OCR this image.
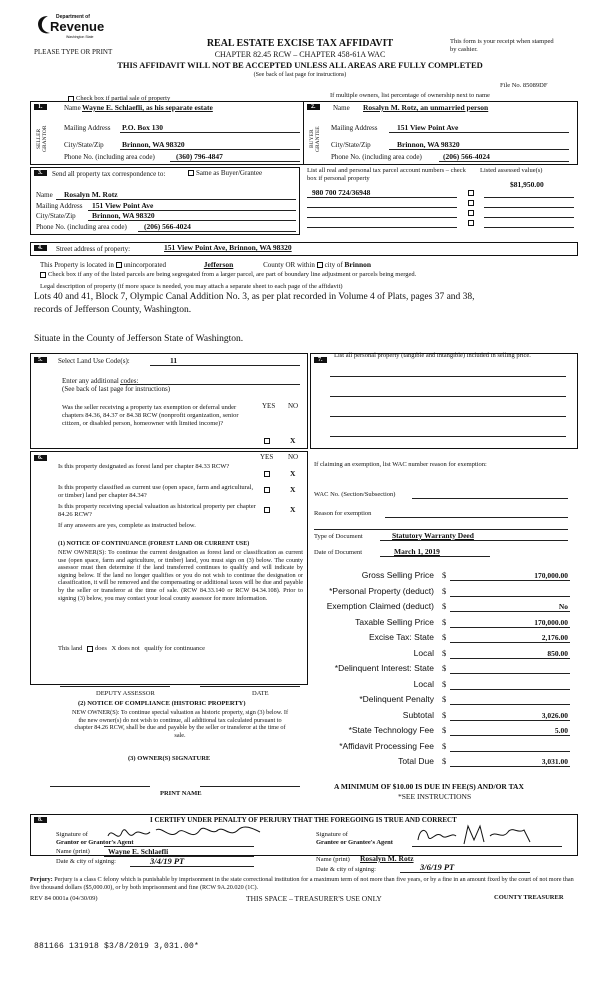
Department of
Revenue
Washington State
PLEASE TYPE OR PRINT
REAL ESTATE EXCISE TAX AFFIDAVIT
CHAPTER 82.45 RCW – CHAPTER 458-61A WAC
This form is your receipt when stamped by cashier.
THIS AFFIDAVIT WILL NOT BE ACCEPTED UNLESS ALL AREAS ARE FULLY COMPLETED
(See back of last page for instructions)
File No. 85089DF
Check box if partial sale of property	If multiple owners, list percentage of ownership next to name
1.
SELLER GRANTOR
Name Wayne E. Schlaefli, as his separate estate
Mailing Address P.O. Box 130
City/State/Zip Brinnon, WA 98320
Phone No. (including area code)	(360) 796-4847
2.
BUYER GRANTEE
Name Rosalyn M. Rotz, an unmarried person
Mailing Address	151 View Point Ave
City/State/Zip	Brinnon, WA 98320
Phone No. (including area code)	(206) 566-4024
3.	Send all property tax correspondence to:	Same as Buyer/Grantee
Name Rosalyn M. Rotz
Mailing Address 151 View Point Ave
City/State/Zip Brinnon, WA 98320
Phone No. (including area code) (206) 566-4024
List all real and personal tax parcel account numbers – check box if personal property
Listed assessed value(s)
$81,950.00
980 700 724/36948
4.	Street address of property:	151 View Point Ave, Brinnon, WA 98320
This Property is located in unincorporated	Jefferson	County OR within city of Brinnon
Check box if any of the listed parcels are being segregated from a larger parcel, are part of boundary line adjustment or parcels being merged.
Legal description of property (if more space is needed, you may attach a separate sheet to each page of the affidavit)
Lots 40 and 41, Block 7, Olympic Canal Addition No. 3, as per plat recorded in Volume 4 of Plats, pages 37 and 38,
records of Jefferson County, Washington.
Situate in the County of Jefferson State of Washington.
5.	Select Land Use Code(s):	11
Enter any additional codes:
(See back of last page for instructions)
YES NO
Was the seller receiving a property tax exemption or deferral under chapters 84.36, 84.37 or 84.38 RCW (nonprofit organization, senior citizen, or disabled person, homeowner with limited income)?
X
7.
List all personal property (tangible and intangible) included in selling price.
6.	YES NO
Is this property designated as forest land per chapter 84.33 RCW?
X
Is this property classified as current use (open space, farm and agricultural, or timber) land per chapter 84.34?
X
Is this property receiving special valuation as historical property per chapter 84.26 RCW?
X
If any answers are yes, complete as instructed below.
(1) NOTICE OF CONTINUANCE (FOREST LAND OR CURRENT USE)
NEW OWNER(S): To continue the current designation as forest land or classification as current use (open space, farm and agriculture, or timber) land, you must sign on (3) below. The county assessor must then determine if the land transferred continues to qualify and will indicate by signing below. If the land no longer qualifies or you do not wish to continue the designation or classification, it will be removed and the compensating or additional taxes will be due and payable by the seller or transferor at the time of sale. (RCW 84.33.140 or RCW 84.34.108). Prior to signing (3) below, you may contact your local county assessor for more information.
This land does X does not qualify for continuance
DEPUTY ASSESSOR	DATE
(2) NOTICE OF COMPLIANCE (HISTORIC PROPERTY)
NEW OWNER(S): To continue special valuation as historic property, sign (3) below. If the new owner(s) do not wish to continue, all additional tax calculated pursuant to chapter 84.26 RCW, shall be due and payable by the seller or transferor at the time of sale.
(3) OWNER(S) SIGNATURE
PRINT NAME
If claiming an exemption, list WAC number reason for exemption:
WAC No. (Section/Subsection)
Reason for exemption
Type of Document	Statutory Warranty Deed
Date of Document	March 1, 2019
Gross Selling Price $	170,000.00
*Personal Property (deduct) $
Exemption Claimed (deduct) $	No
Taxable Selling Price $	170,000.00
Excise Tax: State $	2,176.00
Local $	850.00
*Delinquent Interest: State $
Local $
*Delinquent Penalty $
Subtotal $	3,026.00
*State Technology Fee $	5.00
*Affidavit Processing Fee $
Total Due $	3,031.00
A MINIMUM OF $10.00 IS DUE IN FEE(S) AND/OR TAX
*SEE INSTRUCTIONS
8.	I CERTIFY UNDER PENALTY OF PERJURY THAT THE FOREGOING IS TRUE AND CORRECT
Signature of
Grantor or Grantor's Agent
Name (print) Wayne E. Schlaefli
Date & city of signing:	3/4/19 PT
Signature of
Grantee or Grantee's Agent
Name (print) Rosalyn M. Rotz
Date & city of signing:	3/6/19 PT
Perjury: Perjury is a class C felony which is punishable by imprisonment in the state correctional institution for a maximum term of not more than five years, or by a fine in an amount fixed by the court of not more than five thousand dollars ($5,000.00), or by both imprisonment and fine (RCW 9A.20.020 (1C).
REV 84 0001a (04/30/09)	THIS SPACE – TREASURER'S USE ONLY	COUNTY TREASURER
881166 131918 $3/8/2019 3,031.00*
